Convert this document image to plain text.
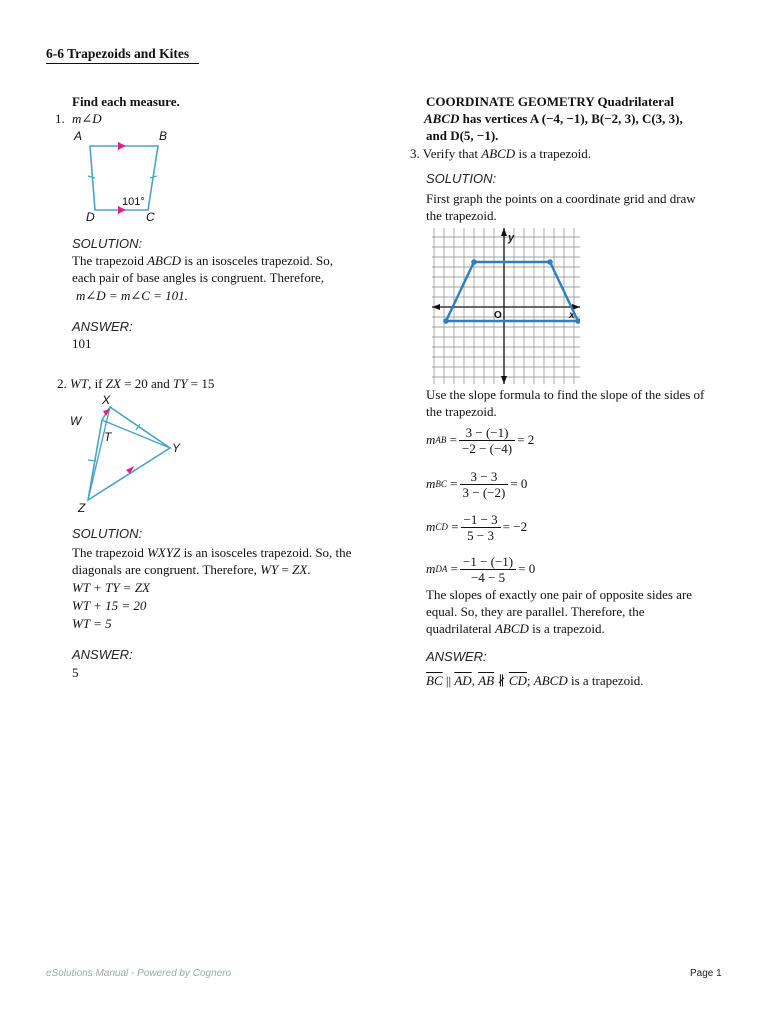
6-6 Trapezoids and Kites
Find each measure.
1. m∠D
A	B
D	C
101°
SOLUTION:
The trapezoid ABCD is an isosceles trapezoid. So,
each pair of base angles is congruent. Therefore,
m∠D = m∠C = 101.
ANSWER:
101
2. WT, if ZX = 20 and TY = 15
X
W
T
Y
Z
SOLUTION:
The trapezoid WXYZ is an isosceles trapezoid. So, the
diagonals are congruent. Therefore, WY = ZX.
WT + TY = ZX
WT + 15 = 20
WT = 5
ANSWER:
5
COORDINATE GEOMETRY Quadrilateral
ABCD has vertices A (−4, −1), B(−2, 3), C(3, 3),
and D(5, −1).
3. Verify that ABCD is a trapezoid.
SOLUTION:
First graph the points on a coordinate grid and draw
the trapezoid.
y
O	x
Use the slope formula to find the slope of the sides of
the trapezoid.
m AB = $\frac{3 - (-1)}{-2 - (-4)} = 2$
m BC = $\frac{3 - 3}{3 - (-2)} = 0$
m CD = $\frac{-1 - 3}{5 - 3} = -2$
m DA = $\frac{-1 - (-1)}{-4 - 5} = 0$
The slopes of exactly one pair of opposite sides are
equal. So, they are parallel. Therefore, the
quadrilateral ABCD is a trapezoid.
ANSWER:
$\overline{BC}$ || $\overline{AD}$, $\overline{AB}$ ∦ $\overline{CD}$; ABCD is a trapezoid.
eSolutions Manual - Powered by Cognero	Page 1
